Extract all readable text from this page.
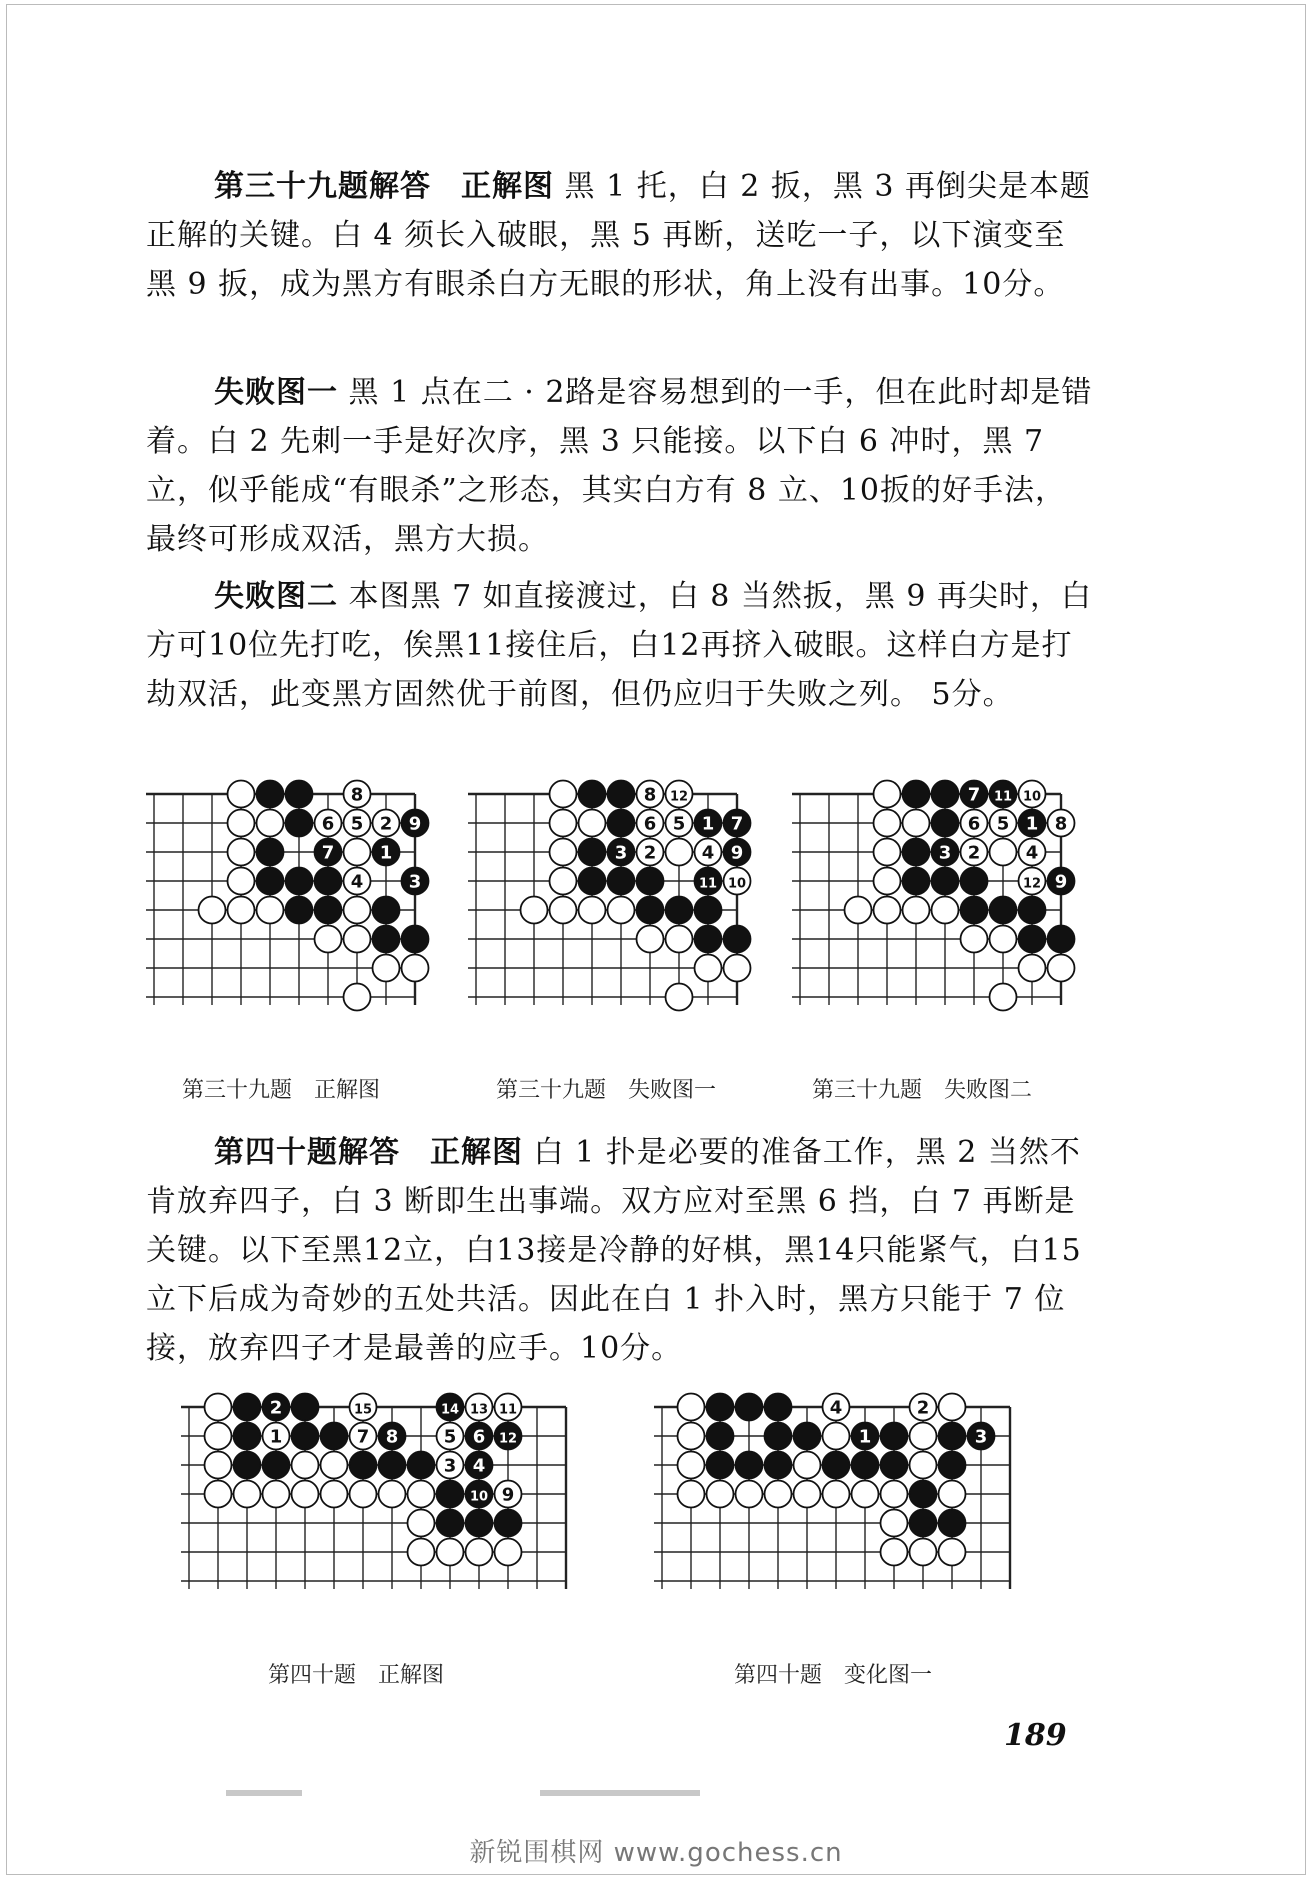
第三十九题解答 正解图 黑 1 托，白 2 扳，黑 3 再倒尖是本题正解的关键。白 4 须长入破眼，黑 5 再断，送吃一子，以下演变至黑 9 扳，成为黑方有眼杀白方无眼的形状，角上没有出事。10分。

失败图一 黑 1 点在二 · 2路是容易想到的一手，但在此时却是错着。白 2 先刺一手是好次序，黑 3 只能接。以下白 6 冲时，黑 7 立，似乎能成“有眼杀”之形态，其实白方有 8 立、10扳的好手法，最终可形成双活，黑方大损。

失败图二 本图黑 7 如直接渡过，白 8 当然扳，黑 9 再尖时，白方可10位先打吃，俟黑11接住后，白12再挤入破眼。这样白方是打劫双活，此变黑方固然优于前图，但仍应归于失败之列。 5分。

8
6 5 2 9
7	1
4	3
8 12
6 5 1 7
3 2	4 9
11 10
7 11 10
6 5 1 8
3 2	4
12 9
第三十九题 正解图	第三十九题 失败图一	第三十九题 失败图二

第四十题解答 正解图 白 1 扑是必要的准备工作，黑 2 当然不肯放弃四子，白 3 断即生出事端。双方应对至黑 6 挡，白 7 再断是关键。以下至黑12立，白13接是冷静的好棋，黑14只能紧气，白15立下后成为奇妙的五处共活。因此在白 1 扑入时，黑方只能于 7 位接，放弃四子才是最善的应手。10分。

2	15	14 13 11
1	7 8	5 6 12
3 4
10 9
4	2
1	3
第四十题 正解图	第四十题 变化图一
189
新锐围棋网 www.gochess.cn
